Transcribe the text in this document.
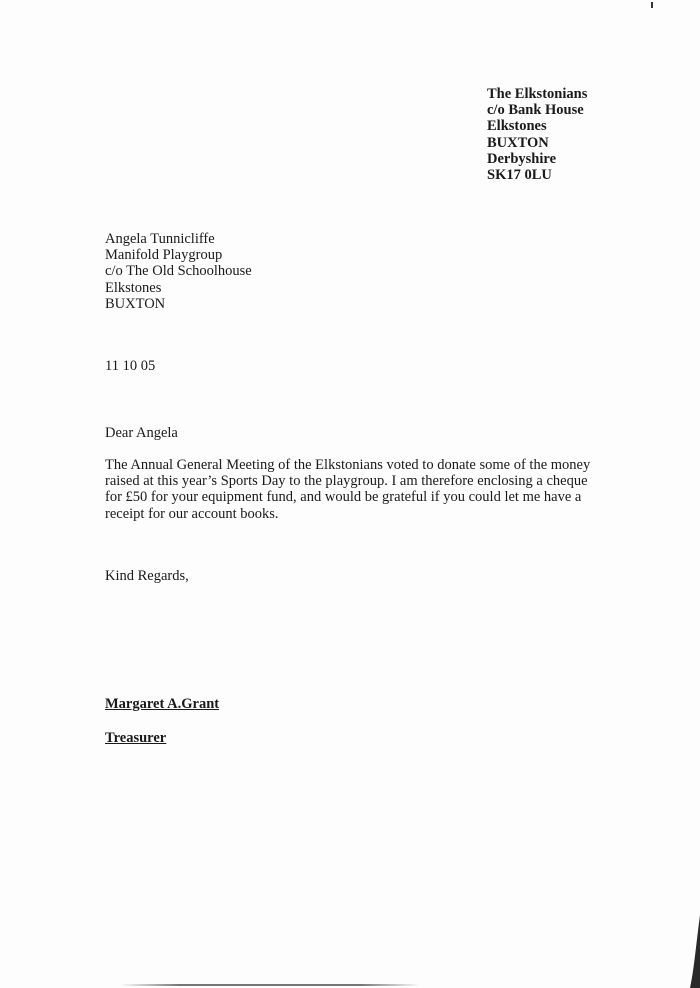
The Elkstonians
c/o Bank House
Elkstones
BUXTON
Derbyshire
SK17 0LU
Angela Tunnicliffe
Manifold Playgroup
c/o The Old Schoolhouse
Elkstones
BUXTON
11 10 05
Dear Angela
The Annual General Meeting of the Elkstonians voted to donate some of the money
raised at this year’s Sports Day to the playgroup. I am therefore enclosing a cheque
for £50 for your equipment fund, and would be grateful if you could let me have a
receipt for our account books.
Kind Regards,
Margaret A.Grant
Treasurer
